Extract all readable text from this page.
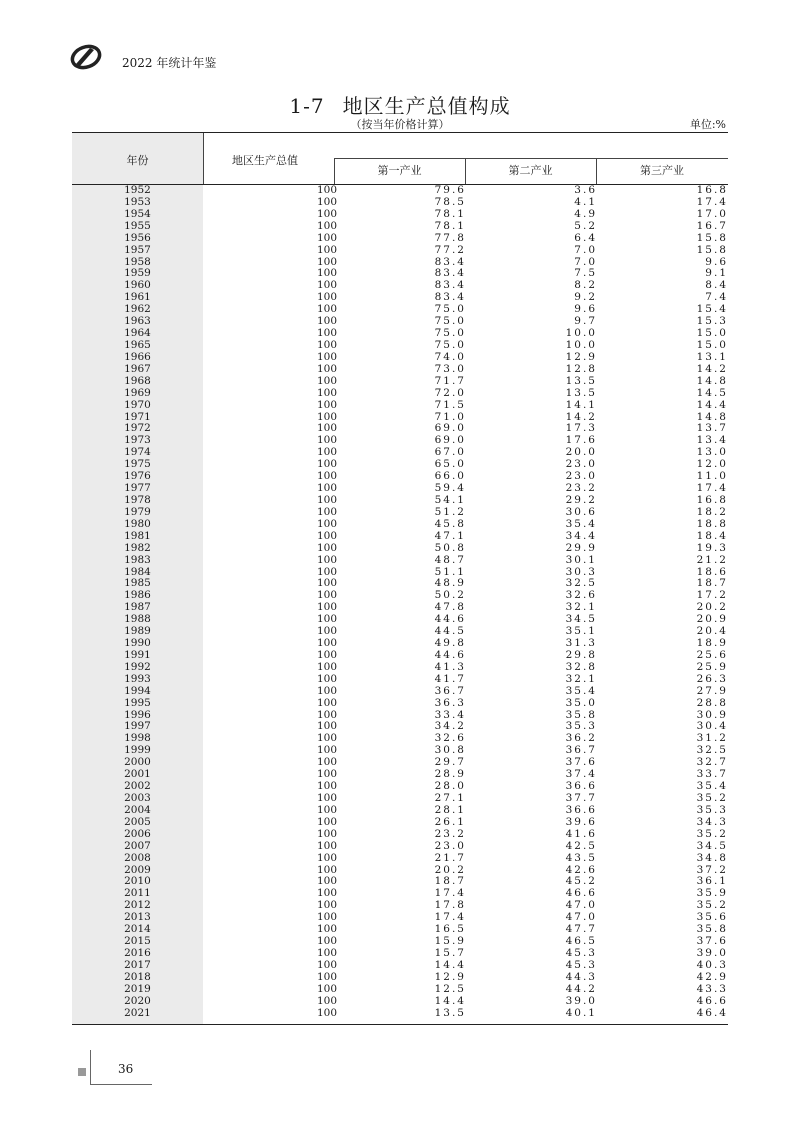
2022 年统计年鉴
1-7 地区生产总值构成
（按当年价格计算）	单位:%
年份	地区生产总值
第一产业	第二产业	第三产业
1952	100	79.6	3.6	16.8
1953	100	78.5	4.1	17.4
1954	100	78.1	4.9	17.0
1955	100	78.1	5.2	16.7
1956	100	77.8	6.4	15.8
1957	100	77.2	7.0	15.8
1958	100	83.4	7.0	9.6
1959	100	83.4	7.5	9.1
1960	100	83.4	8.2	8.4
1961	100	83.4	9.2	7.4
1962	100	75.0	9.6	15.4
1963	100	75.0	9.7	15.3
1964	100	75.0	10.0	15.0
1965	100	75.0	10.0	15.0
1966	100	74.0	12.9	13.1
1967	100	73.0	12.8	14.2
1968	100	71.7	13.5	14.8
1969	100	72.0	13.5	14.5
1970	100	71.5	14.1	14.4
1971	100	71.0	14.2	14.8
1972	100	69.0	17.3	13.7
1973	100	69.0	17.6	13.4
1974	100	67.0	20.0	13.0
1975	100	65.0	23.0	12.0
1976	100	66.0	23.0	11.0
1977	100	59.4	23.2	17.4
1978	100	54.1	29.2	16.8
1979	100	51.2	30.6	18.2
1980	100	45.8	35.4	18.8
1981	100	47.1	34.4	18.4
1982	100	50.8	29.9	19.3
1983	100	48.7	30.1	21.2
1984	100	51.1	30.3	18.6
1985	100	48.9	32.5	18.7
1986	100	50.2	32.6	17.2
1987	100	47.8	32.1	20.2
1988	100	44.6	34.5	20.9
1989	100	44.5	35.1	20.4
1990	100	49.8	31.3	18.9
1991	100	44.6	29.8	25.6
1992	100	41.3	32.8	25.9
1993	100	41.7	32.1	26.3
1994	100	36.7	35.4	27.9
1995	100	36.3	35.0	28.8
1996	100	33.4	35.8	30.9
1997	100	34.2	35.3	30.4
1998	100	32.6	36.2	31.2
1999	100	30.8	36.7	32.5
2000	100	29.7	37.6	32.7
2001	100	28.9	37.4	33.7
2002	100	28.0	36.6	35.4
2003	100	27.1	37.7	35.2
2004	100	28.1	36.6	35.3
2005	100	26.1	39.6	34.3
2006	100	23.2	41.6	35.2
2007	100	23.0	42.5	34.5
2008	100	21.7	43.5	34.8
2009	100	20.2	42.6	37.2
2010	100	18.7	45.2	36.1
2011	100	17.4	46.6	35.9
2012	100	17.8	47.0	35.2
2013	100	17.4	47.0	35.6
2014	100	16.5	47.7	35.8
2015	100	15.9	46.5	37.6
2016	100	15.7	45.3	39.0
2017	100	14.4	45.3	40.3
2018	100	12.9	44.3	42.9
2019	100	12.5	44.2	43.3
2020	100	14.4	39.0	46.6
2021	100	13.5	40.1	46.4
36
